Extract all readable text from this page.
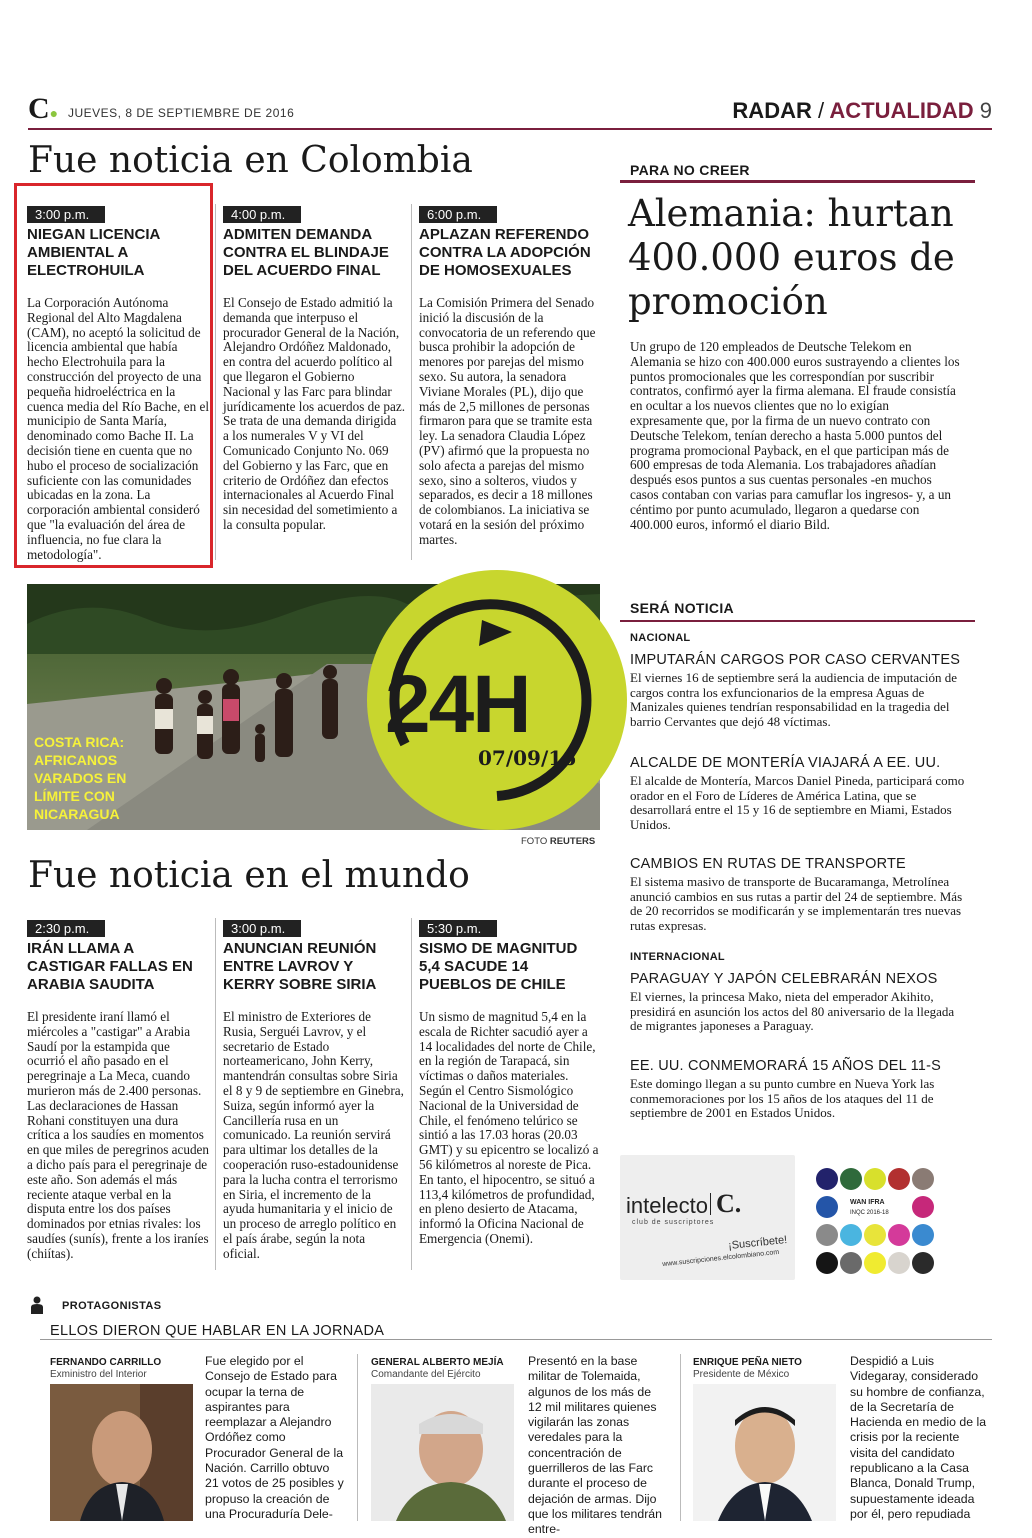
C● JUEVES, 8 DE SEPTIEMBRE DE 2016	RADAR / ACTUALIDAD 9
Fue noticia en Colombia
3:00 p.m.
NIEGAN LICENCIA AMBIENTAL A ELECTROHUILA
La Corporación Autónoma Regional del Alto Magdalena (CAM), no aceptó la solicitud de licencia ambiental que había hecho Electrohuila para la construcción del proyecto de una pequeña hidroeléctrica en la cuenca media del Río Bache, en el municipio de Santa María, denominado como Bache II. La decisión tiene en cuenta que no hubo el proceso de socialización suficiente con las comunidades ubicadas en la zona. La corporación ambiental consideró que "la evaluación del área de influencia, no fue clara la metodología".
4:00 p.m.
ADMITEN DEMANDA CONTRA EL BLINDAJE DEL ACUERDO FINAL
El Consejo de Estado admitió la demanda que interpuso el procurador General de la Nación, Alejandro Ordóñez Maldonado, en contra del acuerdo político al que llegaron el Gobierno Nacional y las Farc para blindar jurídicamente los acuerdos de paz. Se trata de una demanda dirigida a los numerales V y VI del Comunicado Conjunto No. 069 del Gobierno y las Farc, que en criterio de Ordóñez dan efectos internacionales al Acuerdo Final sin necesidad del sometimiento a la consulta popular.
6:00 p.m.
APLAZAN REFERENDO CONTRA LA ADOPCIÓN DE HOMOSEXUALES
La Comisión Primera del Senado inició la discusión de la convocatoria de un referendo que busca prohibir la adopción de menores por parejas del mismo sexo. Su autora, la senadora Viviane Morales (PL), dijo que más de 2,5 millones de personas firmaron para que se tramite esta ley. La senadora Claudia López (PV) afirmó que la propuesta no solo afecta a parejas del mismo sexo, sino a solteros, viudos y separados, es decir a 18 millones de colombianos. La iniciativa se votará en la sesión del próximo martes.
PARA NO CREER
Alemania: hurtan 400.000 euros de promoción
Un grupo de 120 empleados de Deutsche Telekom en Alemania se hizo con 400.000 euros sustrayendo a clientes los puntos promocionales que les correspondían por suscribir contratos, confirmó ayer la firma alemana. El fraude consistía en ocultar a los nuevos clientes que no lo exigían expresamente que, por la firma de un nuevo contrato con Deutsche Telekom, tenían derecho a hasta 5.000 puntos del programa promocional Payback, en el que participan más de 600 empresas de toda Alemania. Los trabajadores añadían después esos puntos a sus cuentas personales -en muchos casos contaban con varias para camuflar los ingresos- y, a un céntimo por punto acumulado, llegaron a quedarse con 400.000 euros, informó el diario Bild.
24H
07/09/16
COSTA RICA: AFRICANOS VARADOS EN LÍMITE CON NICARAGUA
FOTO REUTERS
SERÁ NOTICIA
NACIONAL
IMPUTARÁN CARGOS POR CASO CERVANTES
El viernes 16 de septiembre será la audiencia de imputación de cargos contra los exfuncionarios de la empresa Aguas de Manizales quienes tendrían responsabilidad en la tragedia del barrio Cervantes que dejó 48 víctimas.
ALCALDE DE MONTERÍA VIAJARÁ A EE. UU.
El alcalde de Montería, Marcos Daniel Pineda, participará como orador en el Foro de Líderes de América Latina, que se desarrollará entre el 15 y 16 de septiembre en Miami, Estados Unidos.
CAMBIOS EN RUTAS DE TRANSPORTE
El sistema masivo de transporte de Bucaramanga, Metrolínea anunció cambios en sus rutas a partir del 24 de septiembre. Más de 20 recorridos se modificarán y se implementarán tres nuevas rutas expresas.
INTERNACIONAL
PARAGUAY Y JAPÓN CELEBRARÁN NEXOS
El viernes, la princesa Mako, nieta del emperador Akihito, presidirá en asunción los actos del 80 aniversario de la llegada de migrantes japoneses a Paraguay.
EE. UU. CONMEMORARÁ 15 AÑOS DEL 11-S
Este domingo llegan a su punto cumbre en Nueva York las conmemoraciones por los 15 años de los ataques del 11 de septiembre de 2001 en Estados Unidos.
Fue noticia en el mundo
2:30 p.m.
IRÁN LLAMA A CASTIGAR FALLAS EN ARABIA SAUDITA
El presidente iraní llamó el miércoles a "castigar" a Arabia Saudí por la estampida que ocurrió el año pasado en el peregrinaje a La Meca, cuando murieron más de 2.400 personas. Las declaraciones de Hassan Rohani constituyen una dura crítica a los saudíes en momentos en que miles de peregrinos acuden a dicho país para el peregrinaje de este año. Son además el más reciente ataque verbal en la disputa entre los dos países dominados por etnias rivales: los saudíes (sunís), frente a los iraníes (chiítas).
3:00 p.m.
ANUNCIAN REUNIÓN ENTRE LAVROV Y KERRY SOBRE SIRIA
El ministro de Exteriores de Rusia, Serguéi Lavrov, y el secretario de Estado norteamericano, John Kerry, mantendrán consultas sobre Siria el 8 y 9 de septiembre en Ginebra, Suiza, según informó ayer la Cancillería rusa en un comunicado. La reunión servirá para ultimar los detalles de la cooperación ruso-estadounidense para la lucha contra el terrorismo en Siria, el incremento de la ayuda humanitaria y el inicio de un proceso de arreglo político en el país árabe, según la nota oficial.
5:30 p.m.
SISMO DE MAGNITUD 5,4 SACUDE 14 PUEBLOS DE CHILE
Un sismo de magnitud 5,4 en la escala de Richter sacudió ayer a 14 localidades del norte de Chile, en la región de Tarapacá, sin víctimas o daños materiales. Según el Centro Sismológico Nacional de la Universidad de Chile, el fenómeno telúrico se sintió a las 17.03 horas (20.03 GMT) y su epicentro se localizó a 56 kilómetros al noreste de Pica. En tanto, el hipocentro, se situó a 113,4 kilómetros de profundidad, en pleno desierto de Atacama, informó la Oficina Nacional de Emergencia (Onemi).
intelecto C.
club de suscriptores
¡Suscríbete!
www.suscripciones.elcolombiano.com
WAN IFRA
INQC 2016-18
PROTAGONISTAS
ELLOS DIERON QUE HABLAR EN LA JORNADA
FERNANDO CARRILLO
Exministro del Interior
Fue elegido por el Consejo de Estado para ocupar la terna de aspirantes para reemplazar a Alejandro Ordóñez como Procurador General de la Nación. Carrillo obtuvo 21 votos de 25 posibles y propuso la creación de una Procuraduría Dele-
GENERAL ALBERTO MEJÍA
Comandante del Ejército
Presentó en la base militar de Tolemaida, algunos de los más de 12 mil militares quienes vigilarán las zonas veredales para la concentración de guerrilleros de las Farc durante el proceso de dejación de armas. Dijo que los militares tendrán entre-
ENRIQUE PEÑA NIETO
Presidente de México
Despidió a Luis Videgaray, considerado su hombre de confianza, de la Secretaría de Hacienda en medio de la crisis por la reciente visita del candidato republicano a la Casa Blanca, Donald Trump, supuestamente ideada por él, pero repudiada
